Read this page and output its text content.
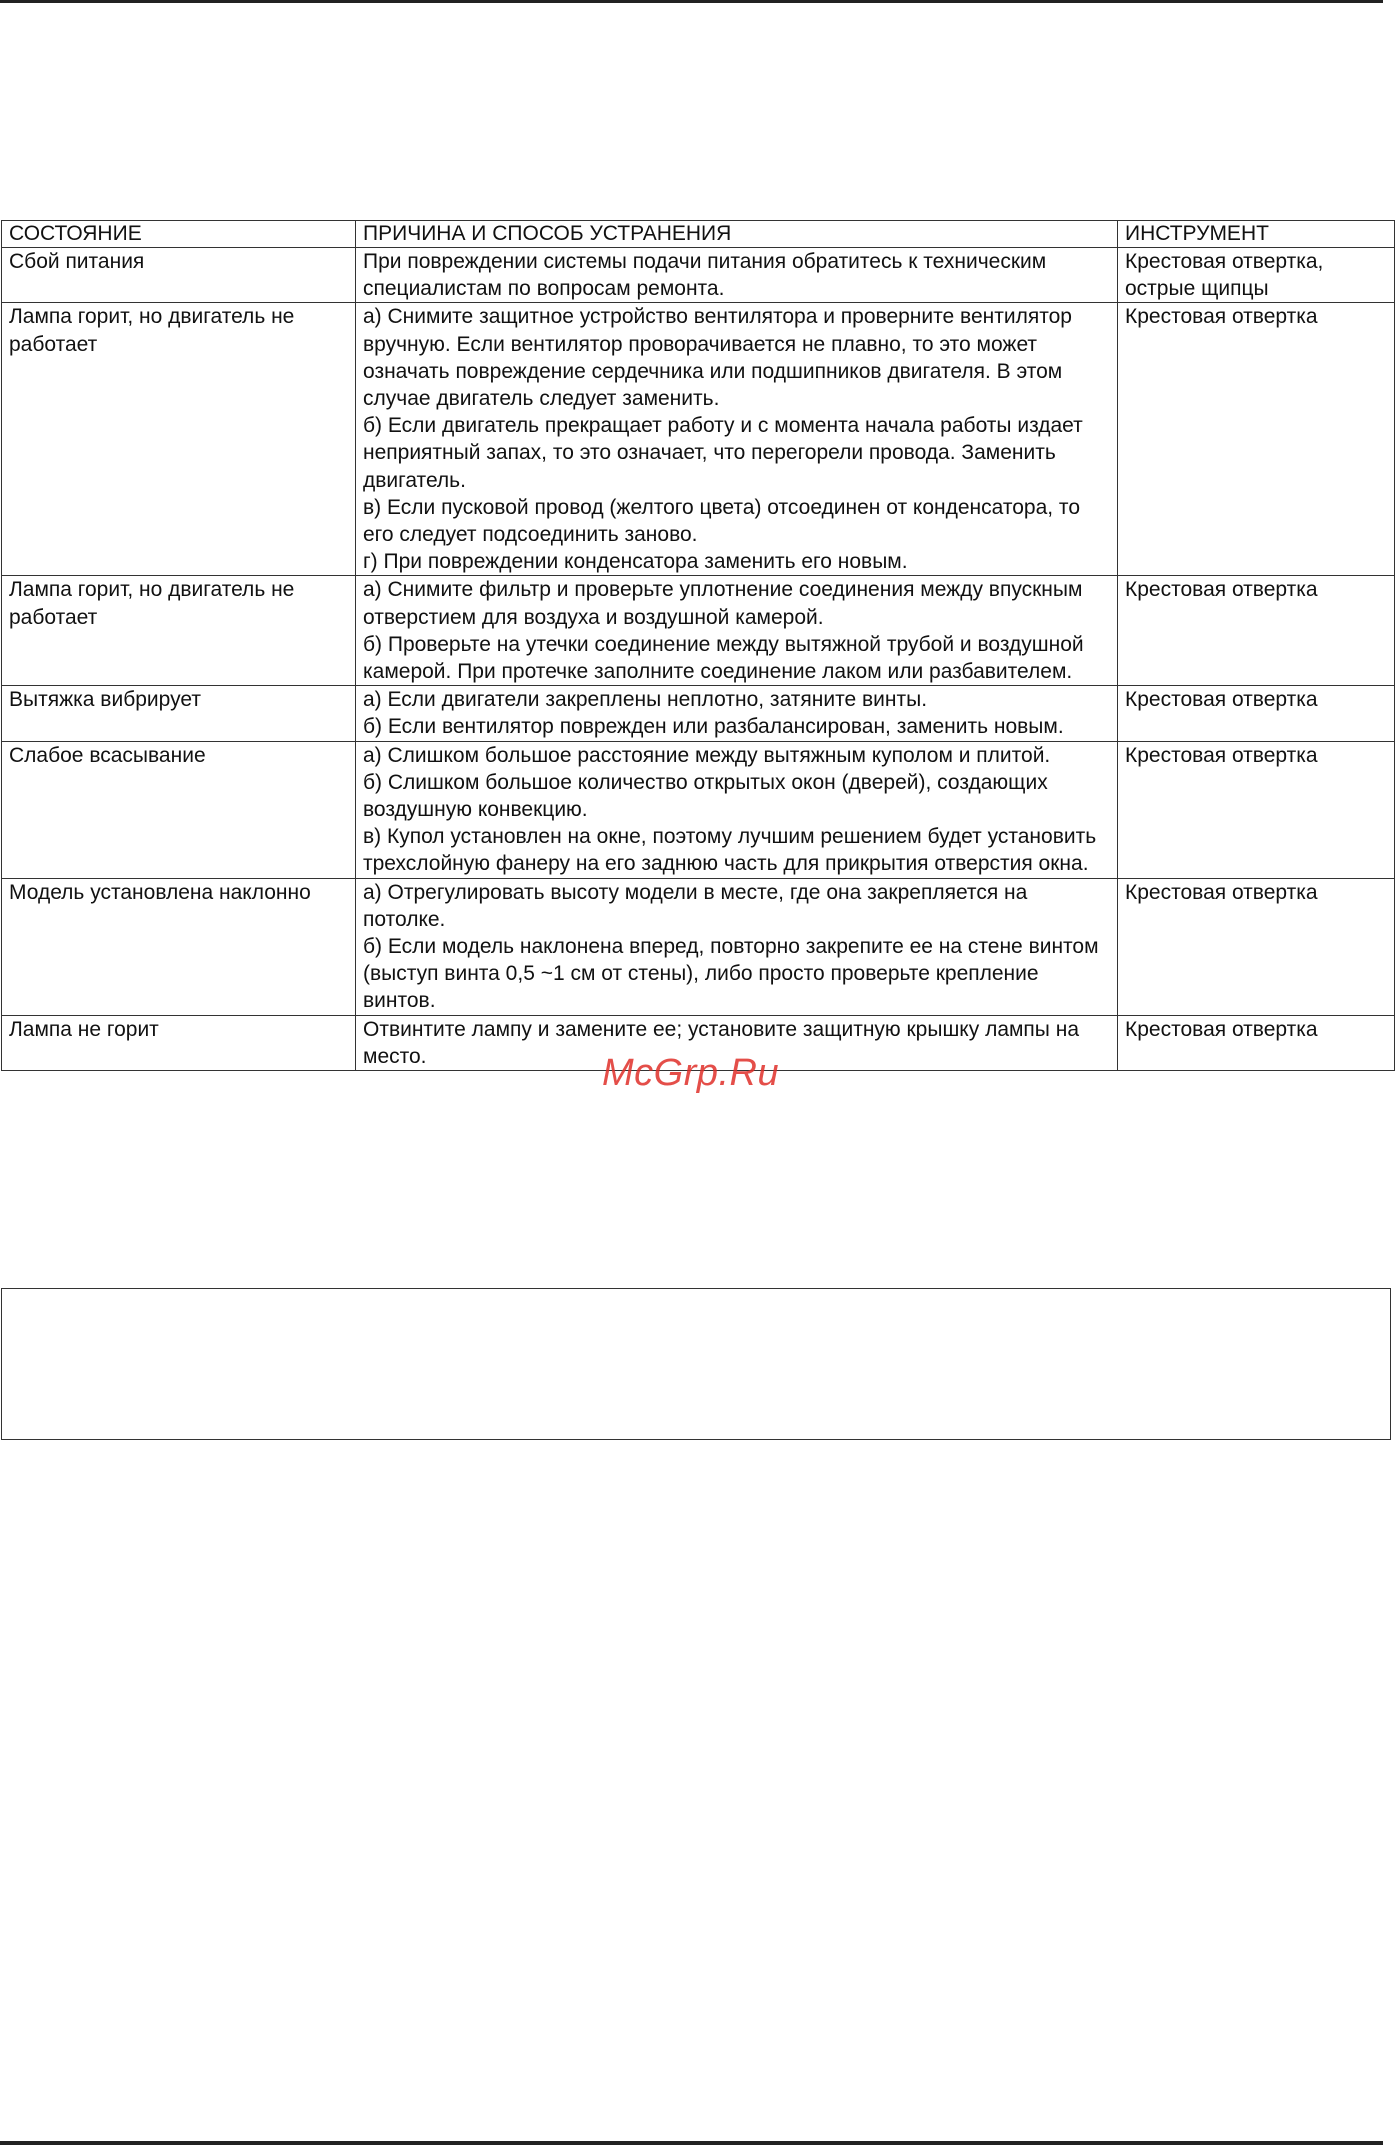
СОСТОЯНИЕ	ПРИЧИНА И СПОСОБ УСТРАНЕНИЯ	ИНСТРУМЕНТ
Сбой питания	При повреждении системы подачи питания обратитесь к техническим специалистам по вопросам ремонта.	Крестовая отвертка, острые щипцы
Лампа горит, но двигатель не работает	а) Снимите защитное устройство вентилятора и проверните вентилятор вручную. Если вентилятор проворачивается не плавно, то это может означать повреждение сердечника или подшипников двигателя. В этом случае двигатель следует заменить.
б) Если двигатель прекращает работу и с момента начала работы издает неприятный запах, то это означает, что перегорели провода. Заменить двигатель.
в) Если пусковой провод (желтого цвета) отсоединен от конденсатора, то его следует подсоединить заново.
г) При повреждении конденсатора заменить его новым.	Крестовая отвертка
Лампа горит, но двигатель не работает	а) Снимите фильтр и проверьте уплотнение соединения между впускным отверстием для воздуха и воздушной камерой.
б) Проверьте на утечки соединение между вытяжной трубой и воздушной камерой. При протечке заполните соединение лаком или разбавителем.	Крестовая отвертка
Вытяжка вибрирует	а) Если двигатели закреплены неплотно, затяните винты.
б) Если вентилятор поврежден или разбалансирован, заменить новым.	Крестовая отвертка
Слабое всасывание	а) Слишком большое расстояние между вытяжным куполом и плитой.
б) Слишком большое количество открытых окон (дверей), создающих воздушную конвекцию.
в) Купол установлен на окне, поэтому лучшим решением будет установить трехслойную фанеру на его заднюю часть для прикрытия отверстия окна.	Крестовая отвертка
Модель установлена наклонно	а) Отрегулировать высоту модели в месте, где она закрепляется на потолке.
б) Если модель наклонена вперед, повторно закрепите ее на стене винтом (выступ винта 0,5 ~1 см от стены), либо просто проверьте крепление винтов.	Крестовая отвертка
Лампа не горит	Отвинтите лампу и замените ее; установите защитную крышку лампы на место.	Крестовая отвертка
McGrp.Ru
